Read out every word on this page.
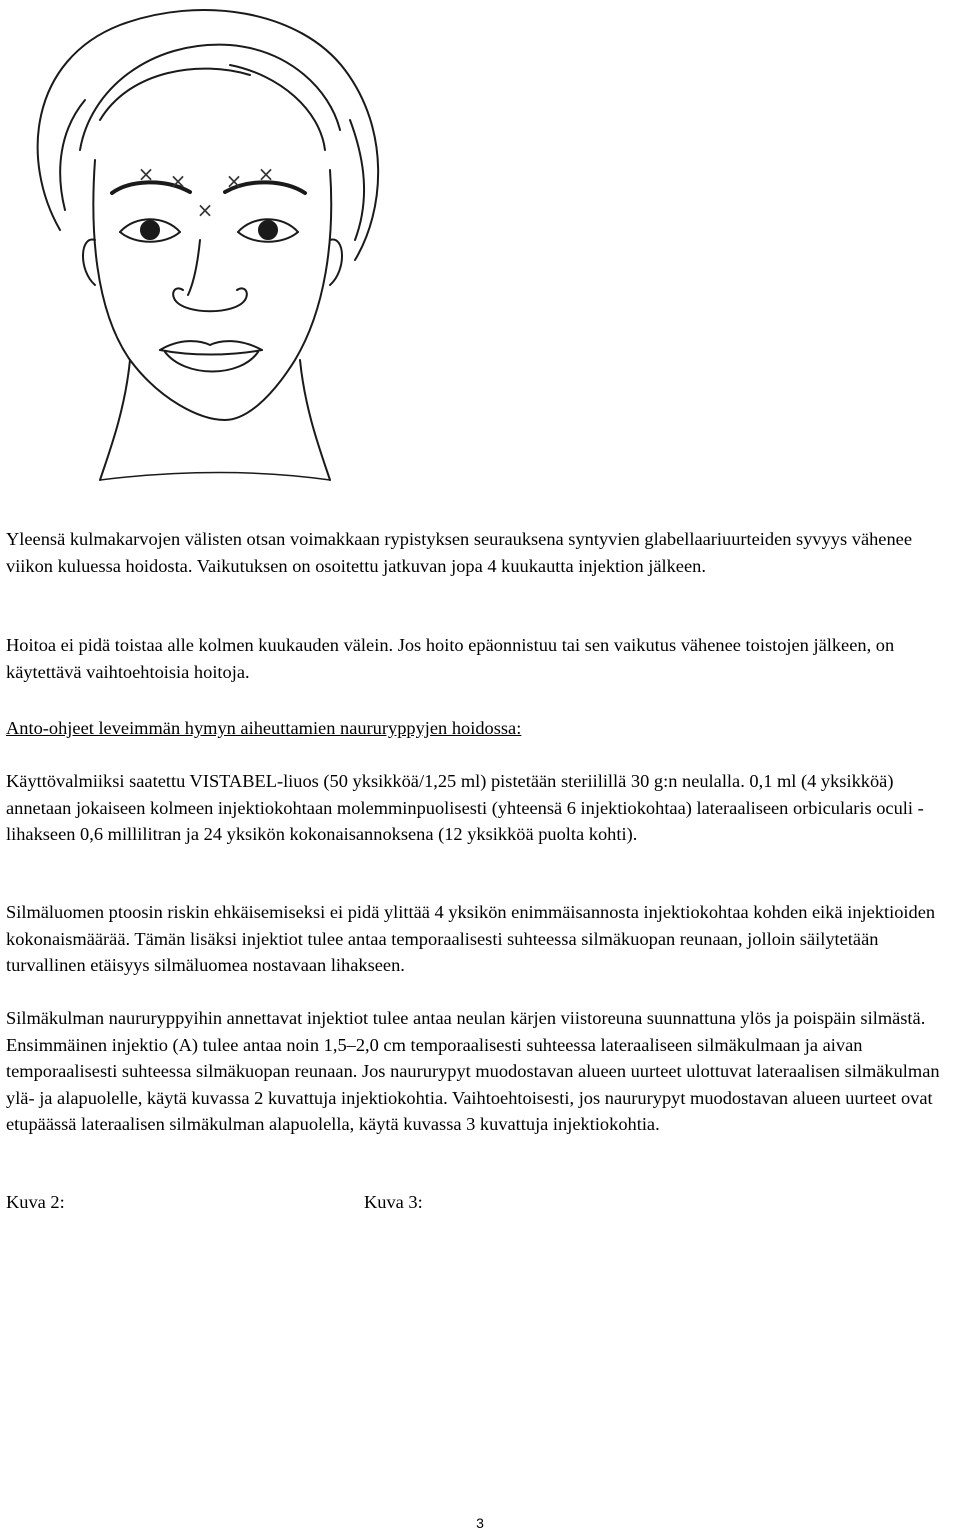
× × × ×
×

Yleensä kulmakarvojen välisten otsan voimakkaan rypistyksen seurauksena syntyvien glabellaariuurteiden syvyys vähenee viikon kuluessa hoidosta. Vaikutuksen on osoitettu jatkuvan jopa 4 kuukautta injektion jälkeen.

Hoitoa ei pidä toistaa alle kolmen kuukauden välein. Jos hoito epäonnistuu tai sen vaikutus vähenee toistojen jälkeen, on käytettävä vaihtoehtoisia hoitoja.

Anto-ohjeet leveimmän hymyn aiheuttamien naururyppyjen hoidossa:

Käyttövalmiiksi saatettu VISTABEL-liuos (50 yksikköä/1,25 ml) pistetään steriilillä 30 g:n neulalla. 0,1 ml (4 yksikköä) annetaan jokaiseen kolmeen injektiokohtaan molemminpuolisesti (yhteensä 6 injektiokohtaa) lateraaliseen orbicularis oculi -lihakseen 0,6 millilitran ja 24 yksikön kokonaisannoksena (12 yksikköä puolta kohti).

Silmäluomen ptoosin riskin ehkäisemiseksi ei pidä ylittää 4 yksikön enimmäisannosta injektiokohtaa kohden eikä injektioiden kokonaismäärää. Tämän lisäksi injektiot tulee antaa temporaalisesti suhteessa silmäkuopan reunaan, jolloin säilytetään turvallinen etäisyys silmäluomea nostavaan lihakseen.

Silmäkulman naururyppyihin annettavat injektiot tulee antaa neulan kärjen viistoreuna suunnattuna ylös ja poispäin silmästä. Ensimmäinen injektio (A) tulee antaa noin 1,5–2,0 cm temporaalisesti suhteessa lateraaliseen silmäkulmaan ja aivan temporaalisesti suhteessa silmäkuopan reunaan. Jos naururypyt muodostavan alueen uurteet ulottuvat lateraalisen silmäkulman ylä- ja alapuolelle, käytä kuvassa 2 kuvattuja injektiokohtia. Vaihtoehtoisesti, jos naururypyt muodostavan alueen uurteet ovat etupäässä lateraalisen silmäkulman alapuolella, käytä kuvassa 3 kuvattuja injektiokohtia.

Kuva 2:	Kuva 3:
3
